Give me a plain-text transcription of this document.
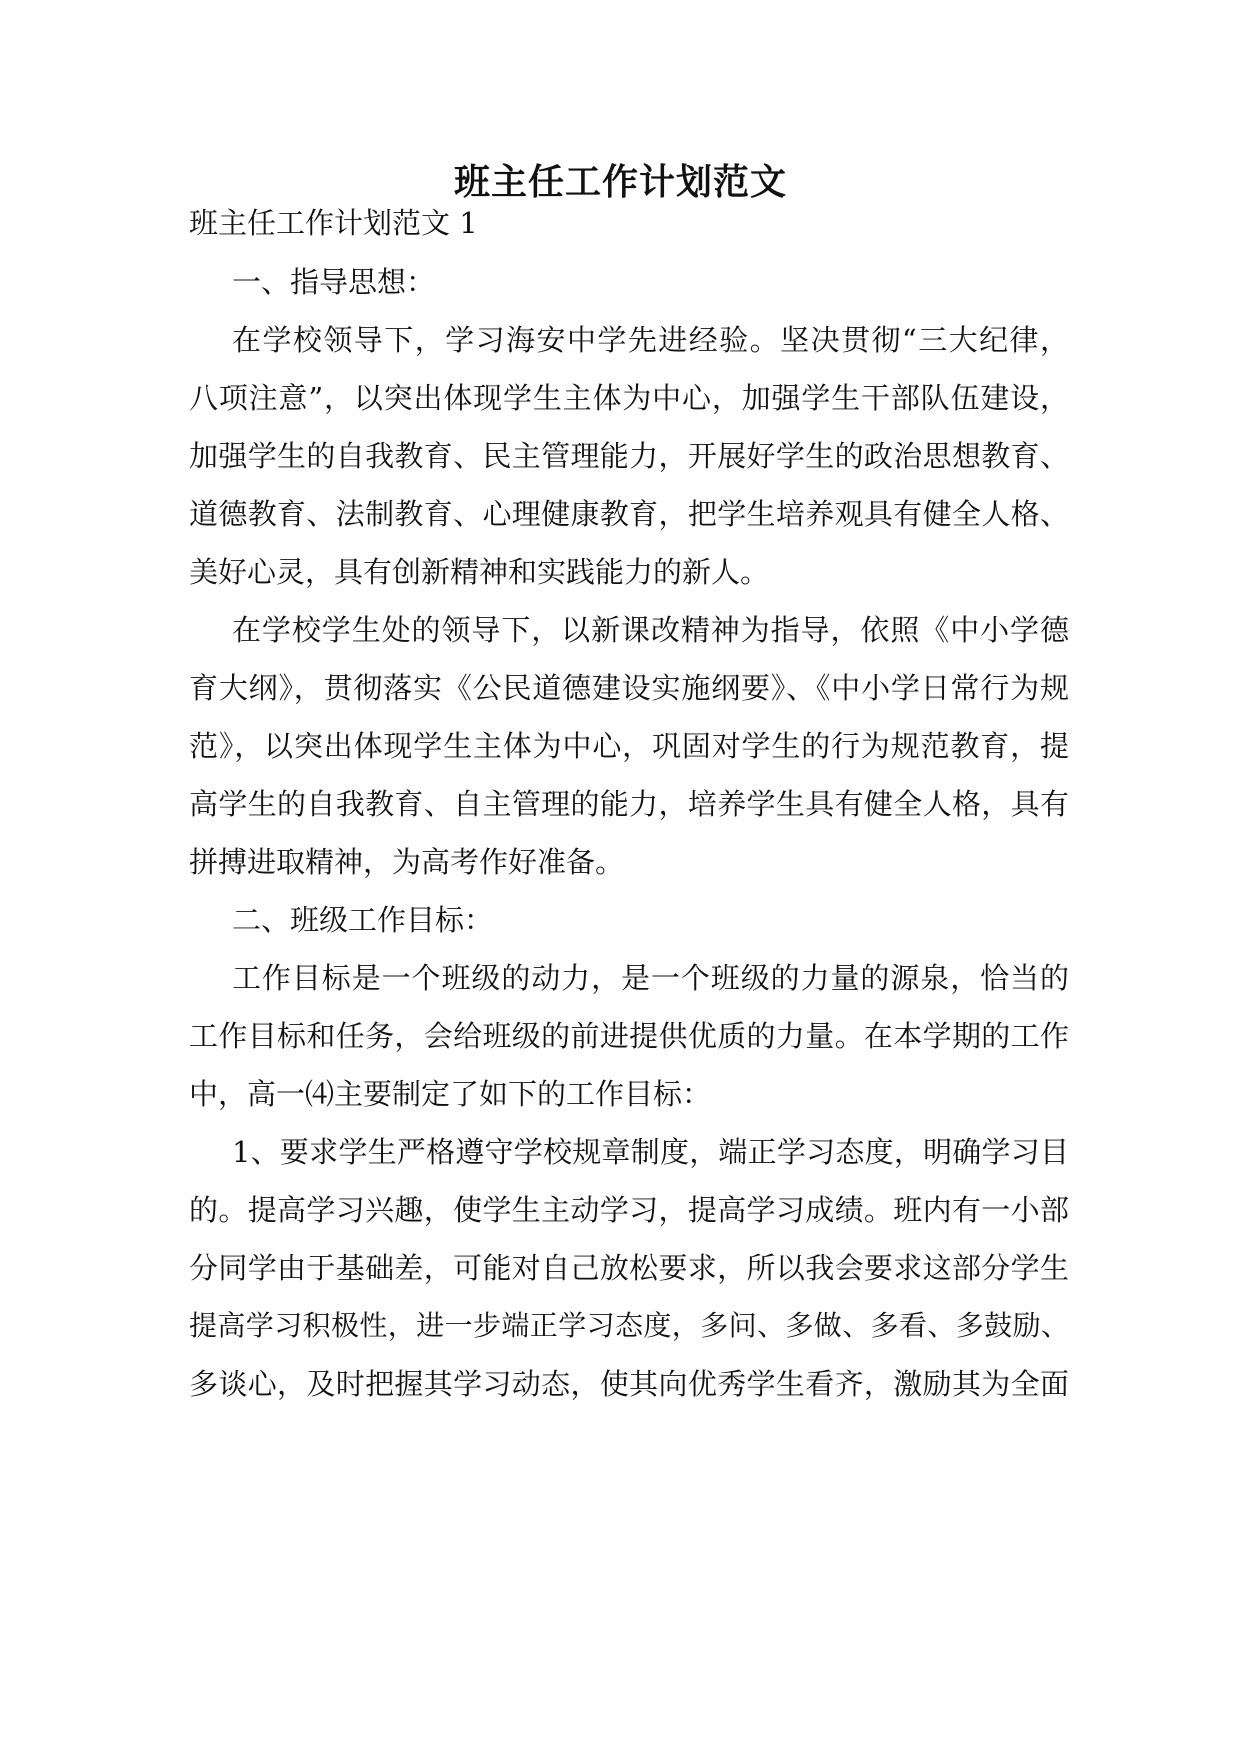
班主任工作计划范文

班主任工作计划范文 1

一、指导思想：

在学校领导下，学习海安中学先进经验。坚决贯彻“三大纪律，

八项注意”，以突出体现学生主体为中心，加强学生干部队伍建设，

加强学生的自我教育、民主管理能力，开展好学生的政治思想教育、

道德教育、法制教育、心理健康教育，把学生培养观具有健全人格、

美好心灵，具有创新精神和实践能力的新人。

在学校学生处的领导下，以新课改精神为指导，依照《中小学德

育大纲》，贯彻落实《公民道德建设实施纲要》、《中小学日常行为规

范》，以突出体现学生主体为中心，巩固对学生的行为规范教育，提

高学生的自我教育、自主管理的能力，培养学生具有健全人格，具有

拼搏进取精神，为高考作好准备。

二、班级工作目标：

工作目标是一个班级的动力，是一个班级的力量的源泉，恰当的

工作目标和任务，会给班级的前进提供优质的力量。在本学期的工作

中，高一⑷主要制定了如下的工作目标：

1、要求学生严格遵守学校规章制度，端正学习态度，明确学习目

的。提高学习兴趣，使学生主动学习，提高学习成绩。班内有一小部

分同学由于基础差，可能对自己放松要求，所以我会要求这部分学生

提高学习积极性，进一步端正学习态度，多问、多做、多看、多鼓励、

多谈心，及时把握其学习动态，使其向优秀学生看齐，激励其为全面
